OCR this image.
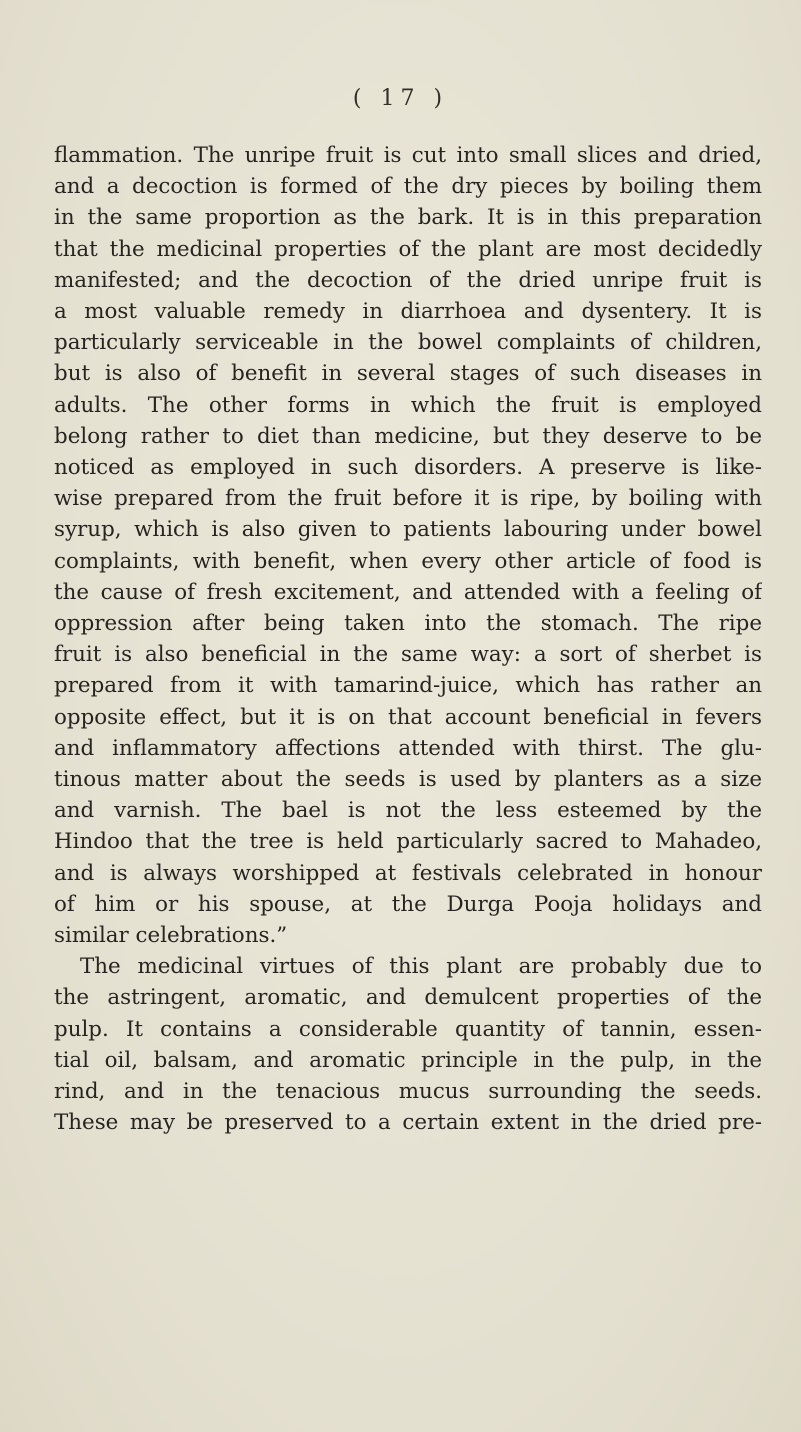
( 17 )
flammation. The unripe fruit is cut into small slices and dried,
and a decoction is formed of the dry pieces by boiling them
in the same proportion as the bark. It is in this preparation
that the medicinal properties of the plant are most decidedly
manifested; and the decoction of the dried unripe fruit is
a most valuable remedy in diarrhoea and dysentery. It is
particularly serviceable in the bowel complaints of children,
but is also of benefit in several stages of such diseases in
adults. The other forms in which the fruit is employed
belong rather to diet than medicine, but they deserve to be
noticed as employed in such disorders. A preserve is like-
wise prepared from the fruit before it is ripe, by boiling with
syrup, which is also given to patients labouring under bowel
complaints, with benefit, when every other article of food is
the cause of fresh excitement, and attended with a feeling of
oppression after being taken into the stomach. The ripe
fruit is also beneficial in the same way: a sort of sherbet is
prepared from it with tamarind-juice, which has rather an
opposite effect, but it is on that account beneficial in fevers
and inflammatory affections attended with thirst. The glu-
tinous matter about the seeds is used by planters as a size
and varnish. The bael is not the less esteemed by the
Hindoo that the tree is held particularly sacred to Mahadeo,
and is always worshipped at festivals celebrated in honour
of him or his spouse, at the Durga Pooja holidays and
similar celebrations.”
The medicinal virtues of this plant are probably due to
the astringent, aromatic, and demulcent properties of the
pulp. It contains a considerable quantity of tannin, essen-
tial oil, balsam, and aromatic principle in the pulp, in the
rind, and in the tenacious mucus surrounding the seeds.
These may be preserved to a certain extent in the dried pre-
